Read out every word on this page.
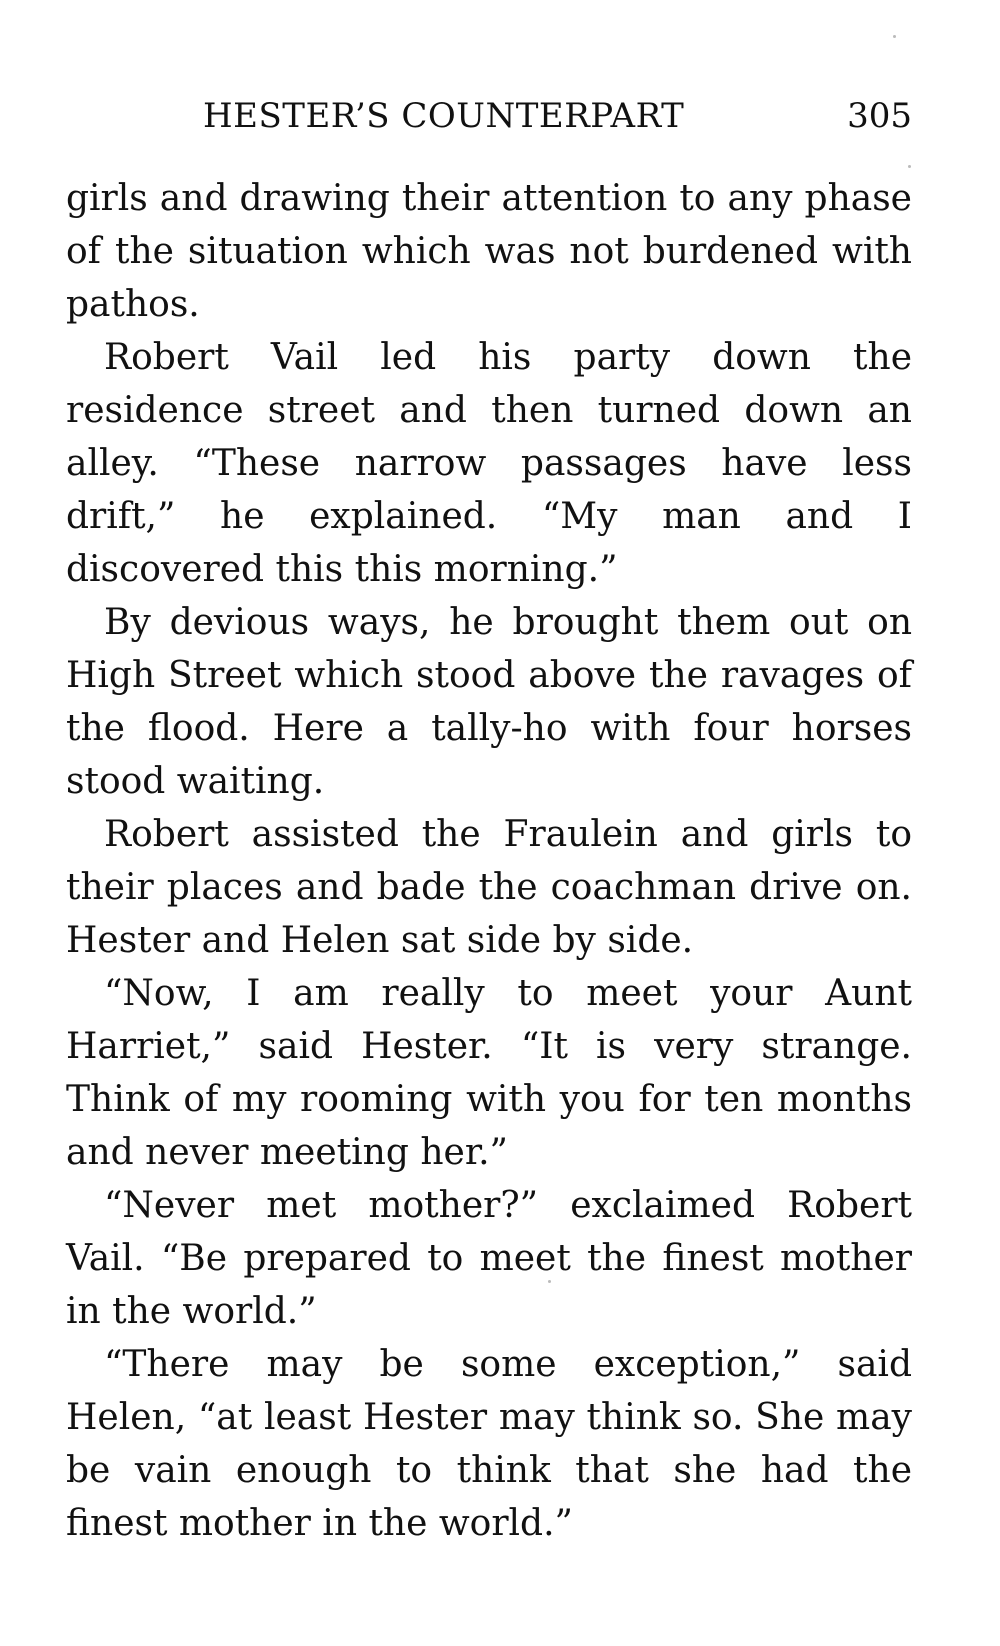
HESTER’S COUNTERPART	305

girls and drawing their attention to any phase of the situation which was not burdened with pathos.

Robert Vail led his party down the residence street and then turned down an alley. “These narrow passages have less drift,” he explained. “My man and I discovered this this morning.”

By devious ways, he brought them out on High Street which stood above the ravages of the flood. Here a tally-ho with four horses stood waiting.

Robert assisted the Fraulein and girls to their places and bade the coachman drive on. Hester and Helen sat side by side.

“Now, I am really to meet your Aunt Harriet,” said Hester. “It is very strange. Think of my rooming with you for ten months and never meeting her.”

“Never met mother?” exclaimed Robert Vail. “Be prepared to meet the finest mother in the world.”

“There may be some exception,” said Helen, “at least Hester may think so. She may be vain enough to think that she had the finest mother in the world.”
